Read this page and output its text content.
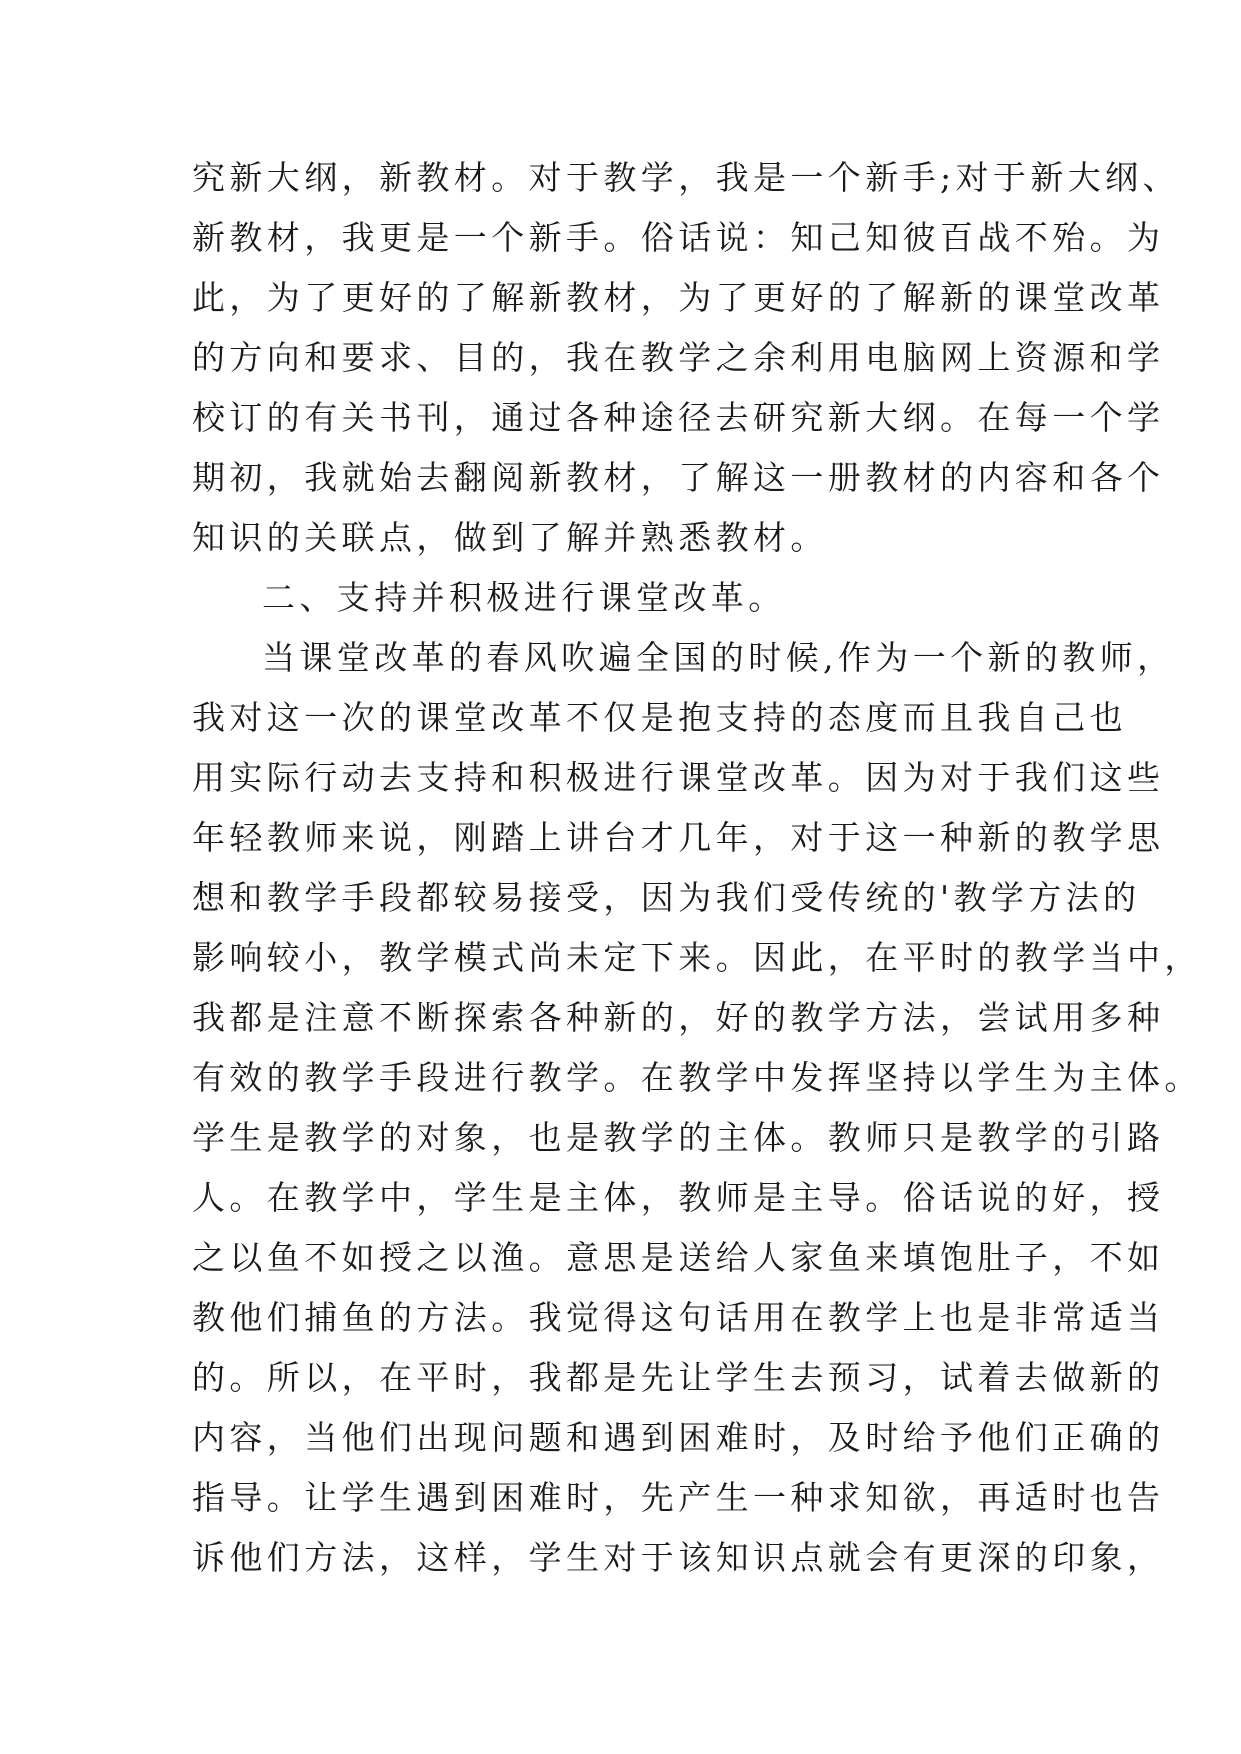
究新大纲，新教材。对于教学，我是一个新手;对于新大纲、
新教材，我更是一个新手。俗话说：知己知彼百战不殆。为
此，为了更好的了解新教材，为了更好的了解新的课堂改革
的方向和要求、目的，我在教学之余利用电脑网上资源和学
校订的有关书刊，通过各种途径去研究新大纲。在每一个学
期初，我就始去翻阅新教材，了解这一册教材的内容和各个
知识的关联点，做到了解并熟悉教材。
二、支持并积极进行课堂改革。
当课堂改革的春风吹遍全国的时候,作为一个新的教师，
我对这一次的课堂改革不仅是抱支持的态度而且我自己也
用实际行动去支持和积极进行课堂改革。因为对于我们这些
年轻教师来说，刚踏上讲台才几年，对于这一种新的教学思
想和教学手段都较易接受，因为我们受传统的'教学方法的
影响较小，教学模式尚未定下来。因此，在平时的教学当中，
我都是注意不断探索各种新的，好的教学方法，尝试用多种
有效的教学手段进行教学。在教学中发挥坚持以学生为主体。
学生是教学的对象，也是教学的主体。教师只是教学的引路
人。在教学中，学生是主体，教师是主导。俗话说的好，授
之以鱼不如授之以渔。意思是送给人家鱼来填饱肚子，不如
教他们捕鱼的方法。我觉得这句话用在教学上也是非常适当
的。所以，在平时，我都是先让学生去预习，试着去做新的
内容，当他们出现问题和遇到困难时，及时给予他们正确的
指导。让学生遇到困难时，先产生一种求知欲，再适时也告
诉他们方法，这样，学生对于该知识点就会有更深的印象，
